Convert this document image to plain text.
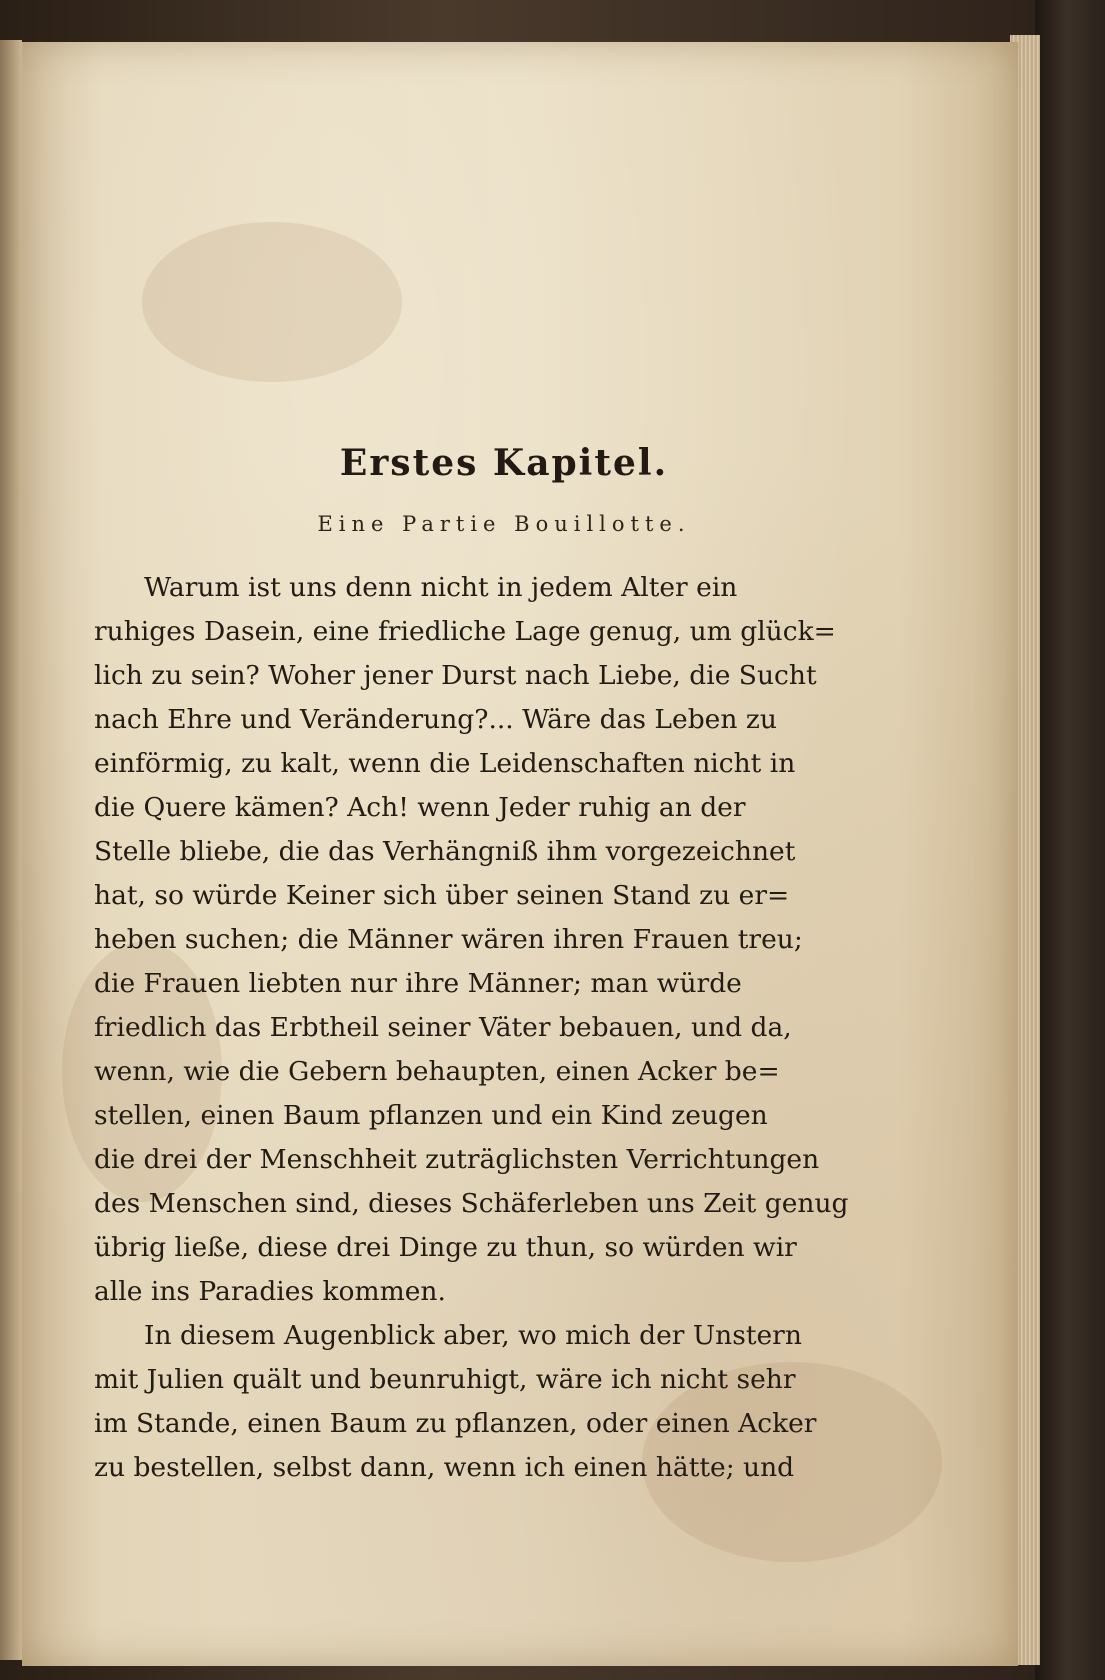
Erstes Kapitel.
Eine Partie Bouillotte.

Warum ist uns denn nicht in jedem Alter ein
ruhiges Dasein, eine friedliche Lage genug, um glück=
lich zu sein? Woher jener Durst nach Liebe, die Sucht
nach Ehre und Veränderung?... Wäre das Leben zu
einförmig, zu kalt, wenn die Leidenschaften nicht in
die Quere kämen? Ach! wenn Jeder ruhig an der
Stelle bliebe, die das Verhängniß ihm vorgezeichnet
hat, so würde Keiner sich über seinen Stand zu er=
heben suchen; die Männer wären ihren Frauen treu;
die Frauen liebten nur ihre Männer; man würde
friedlich das Erbtheil seiner Väter bebauen, und da,
wenn, wie die Gebern behaupten, einen Acker be=
stellen, einen Baum pflanzen und ein Kind zeugen
die drei der Menschheit zuträglichsten Verrichtungen
des Menschen sind, dieses Schäferleben uns Zeit genug
übrig ließe, diese drei Dinge zu thun, so würden wir
alle ins Paradies kommen.

In diesem Augenblick aber, wo mich der Unstern
mit Julien quält und beunruhigt, wäre ich nicht sehr
im Stande, einen Baum zu pflanzen, oder einen Acker
zu bestellen, selbst dann, wenn ich einen hätte; und
